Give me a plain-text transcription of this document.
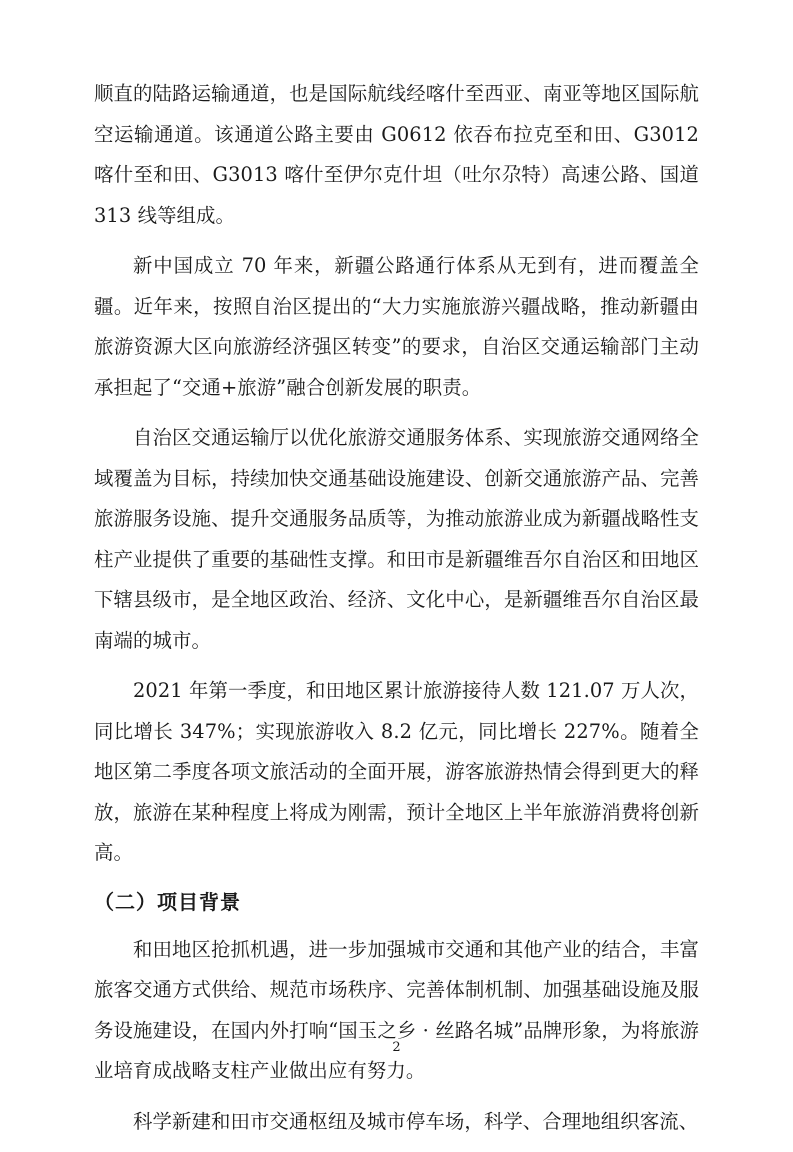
顺直的陆路运输通道，也是国际航线经喀什至西亚、南亚等地区国际航空运输通道。该通道公路主要由 G0612 依吞布拉克至和田、G3012喀什至和田、G3013 喀什至伊尔克什坦（吐尔尕特）高速公路、国道313 线等组成。

新中国成立 70 年来，新疆公路通行体系从无到有，进而覆盖全疆。近年来，按照自治区提出的“大力实施旅游兴疆战略，推动新疆由旅游资源大区向旅游经济强区转变”的要求，自治区交通运输部门主动承担起了“交通+旅游”融合创新发展的职责。

自治区交通运输厅以优化旅游交通服务体系、实现旅游交通网络全域覆盖为目标，持续加快交通基础设施建设、创新交通旅游产品、完善旅游服务设施、提升交通服务品质等，为推动旅游业成为新疆战略性支柱产业提供了重要的基础性支撑。和田市是新疆维吾尔自治区和田地区下辖县级市，是全地区政治、经济、文化中心，是新疆维吾尔自治区最南端的城市。

2021 年第一季度，和田地区累计旅游接待人数 121.07 万人次，同比增长 347%；实现旅游收入 8.2 亿元，同比增长 227%。随着全地区第二季度各项文旅活动的全面开展，游客旅游热情会得到更大的释放，旅游在某种程度上将成为刚需，预计全地区上半年旅游消费将创新高。

（二）项目背景

和田地区抢抓机遇，进一步加强城市交通和其他产业的结合，丰富旅客交通方式供给、规范市场秩序、完善体制机制、加强基础设施及服务设施建设，在国内外打响“国玉之乡 · 丝路名城”品牌形象，为将旅游业培育成战略支柱产业做出应有努力。

科学新建和田市交通枢纽及城市停车场，科学、合理地组织客流、

2
